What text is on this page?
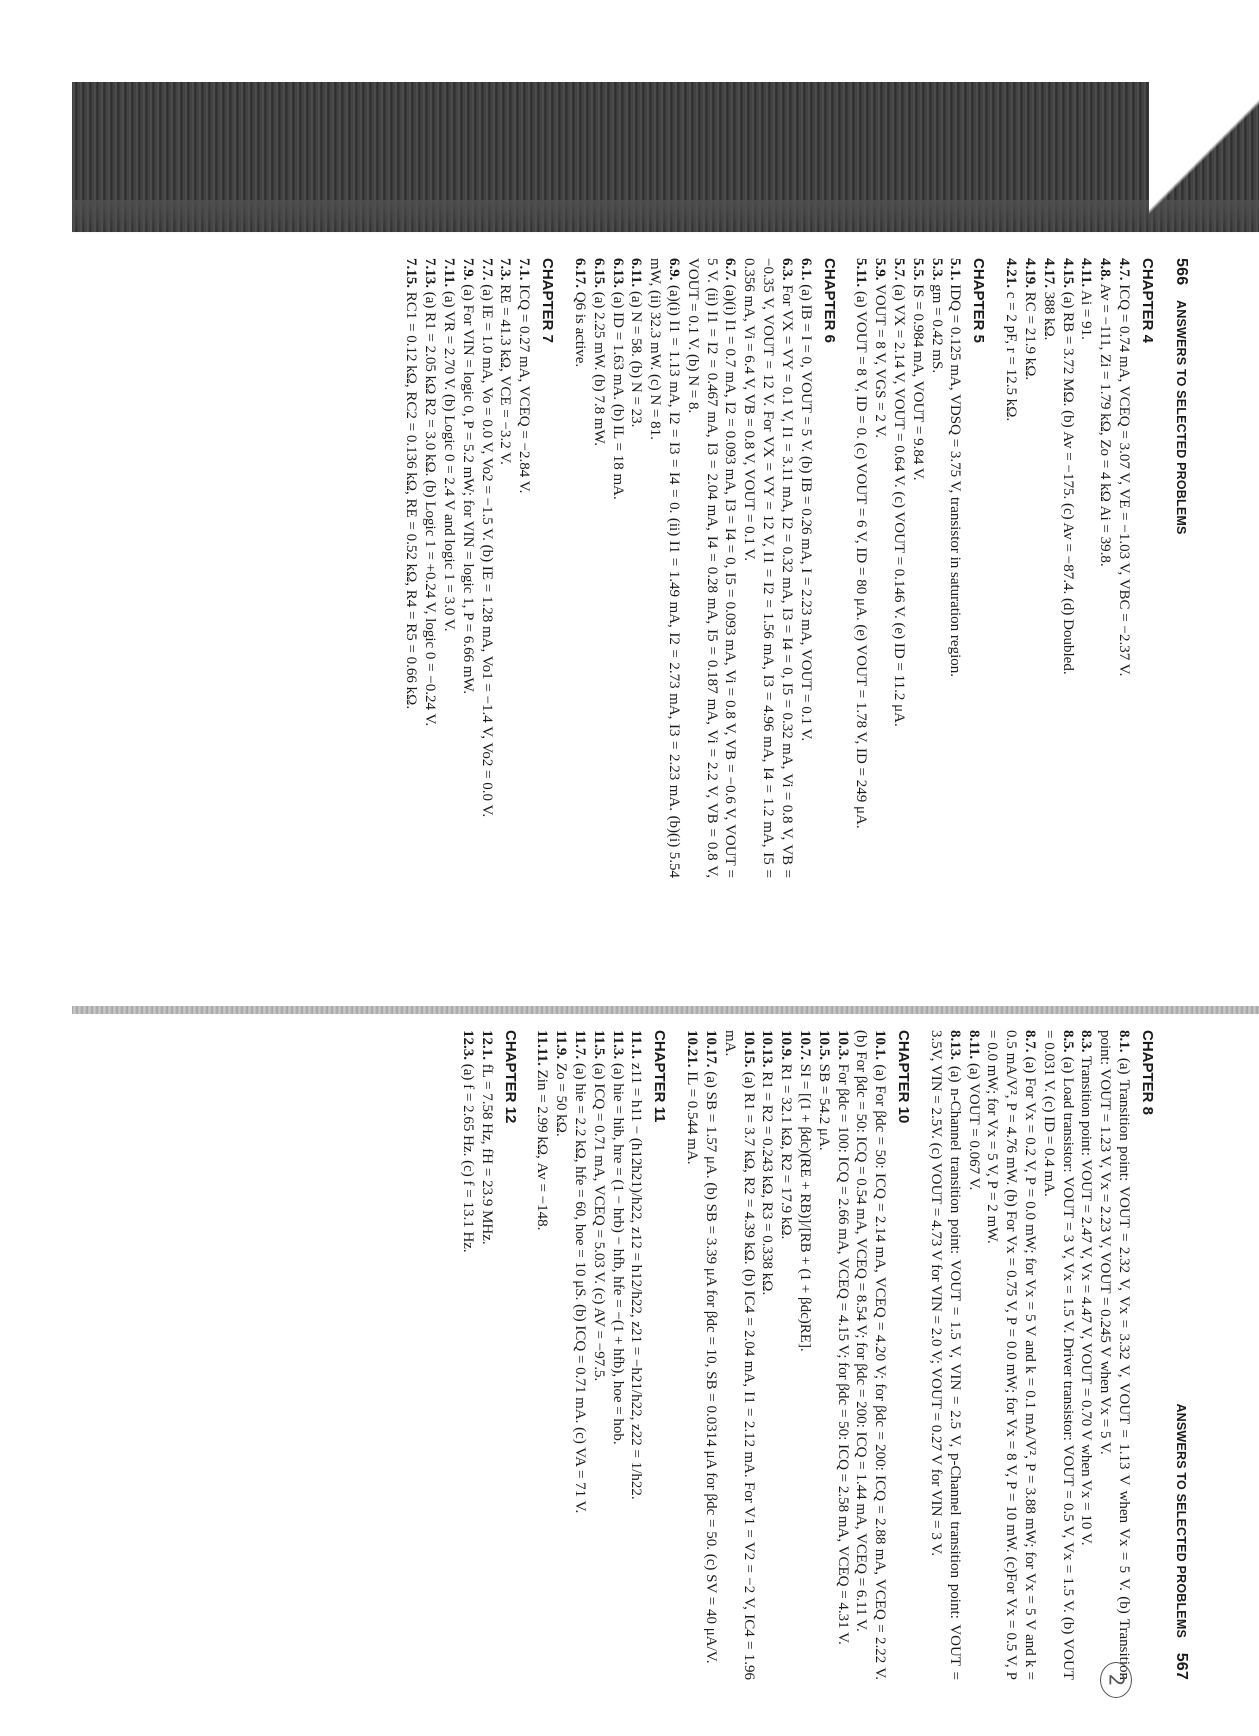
566    ANSWERS TO SELECTED PROBLEMS
CHAPTER 4

4.7. ICQ = 0.74 mA, VCEQ = 3.07 V, VE = −1.03 V, VBC = −2.37 V.

4.8. Av = −111, Zi = 1.79 kΩ, Zo = 4 kΩ Ai = 39.8.

4.11. Ai = 91.

4.15. (a) RB = 3.72 MΩ. (b) Av = −175. (c) Av = −87.4. (d) Doubled.

4.17. 388 kΩ.

4.19. RC = 21.9 kΩ.

4.21. c = 2 pF, r = 12.5 kΩ.

CHAPTER 5

5.1. IDQ = 0.125 mA, VDSQ = 3.75 V, transistor in saturation region.

5.3. gm = 0.42 mS.

5.5. IS = 0.984 mA, VOUT = 9.84 V.

5.7. (a) VX = 2.14 V, VOUT = 0.64 V. (c) VOUT = 0.146 V. (e) ID = 11.2 μA.

5.9. VOUT = 8 V, VGS = 2 V.

5.11. (a) VOUT = 8 V, ID = 0. (c) VOUT = 6 V, ID = 80 μA. (e) VOUT = 1.78 V, ID = 249 μA.

CHAPTER 6

6.1. (a) IB = I = 0, VOUT = 5 V. (b) IB = 0.26 mA, I = 2.23 mA, VOUT = 0.1 V.

6.3. For VX = VY = 0.1 V, I1 = 3.11 mA, I2 = 0.32 mA, I3 = I4 = 0, I5 = 0.32 mA, Vi = 0.8 V, VB = −0.35 V, VOUT = 12 V. For VX = VY = 12 V, I1 = I2 = 1.56 mA, I3 = 4.96 mA, I4 = 1.2 mA, I5 = 0.356 mA, Vi = 6.4 V, VB = 0.8 V, VOUT = 0.1 V.

6.7. (a)(i) I1 = 0.7 mA, I2 = 0.093 mA, I3 = I4 = 0, I5 = 0.093 mA, Vi = 0.8 V, VB = −0.6 V, VOUT = 5 V. (ii) I1 = I2 = 0.467 mA, I3 = 2.04 mA, I4 = 0.28 mA, I5 = 0.187 mA, Vi = 2.2 V, VB = 0.8 V, VOUT = 0.1 V. (b) N = 8.

6.9. (a)(i) I1 = 1.13 mA, I2 = I3 = I4 = 0. (ii) I1 = 1.49 mA, I2 = 2.73 mA, I3 = 2.23 mA. (b)(i) 5.54 mW, (ii) 32.3 mW. (c) N = 81.

6.11. (a) N = 58. (b) N = 23.

6.13. (a) ID = 1.63 mA. (b) IL = 18 mA.

6.15. (a) 2.25 mW. (b) 7.8 mW.

6.17. Q6 is active.

CHAPTER 7

7.1. ICQ = 0.27 mA, VCEQ = −2.84 V.

7.3. RE = 41.3 kΩ, VCE = −3.2 V.

7.7. (a) IE = 1.0 mA, Vo = 0.0 V, Vo2 = −1.5 V. (b) IE = 1.28 mA, Vo1 = −1.4 V, Vo2 = 0.0 V.

7.9. (a) For VIN = logic 0, P = 5.2 mW; for VIN = logic 1, P = 6.66 mW.

7.11. (a) VR = 2.70 V. (b) Logic 0 = 2.4 V and logic 1 = 3.0 V.

7.13. (a) R1 = 2.05 kΩ R2 = 3.0 kΩ. (b) Logic 1 = +0.24 V, logic 0 = −0.24 V.

7.15. RC1 = 0.12 kΩ, RC2 = 0.136 kΩ, RE = 0.52 kΩ, R4 = R5 = 0.66 kΩ.

ANSWERS TO SELECTED PROBLEMS    567
CHAPTER 8

8.1. (a) Transition point: VOUT = 2.32 V, Vx = 3.32 V, VOUT = 1.13 V when Vx = 5 V. (b) Transition point: VOUT = 1.23 V, Vx = 2.23 V, VOUT = 0.245 V when Vx = 5 V.

8.3. Transition point: VOUT = 2.47 V, Vx = 4.47 V, VOUT = 0.70 V when Vx = 10 V.

8.5. (a) Load transistor: VOUT = 3 V, Vx = 1.5 V. Driver transistor: VOUT = 0.5 V, Vx = 1.5 V. (b) VOUT = 0.031 V. (c) ID = 0.4 mA.

8.7. (a) For Vx = 0.2 V, P = 0.0 mW; for Vx = 5 V and k = 0.1 mA/V², P = 3.88 mW; for Vx = 5 V and k = 0.5 mA/V², P = 4.76 mW. (b) For Vx = 0.75 V, P = 0.0 mW; for Vx = 8 V, P = 10 mW. (c)For Vx = 0.5 V, P = 0.0 mW; for Vx = 5 V, P = 2 mW.

8.11. (a) VOUT = 0.067 V.

8.13. (a) n-Channel transition point: VOUT = 1.5 V, VIN = 2.5 V, p-Channel transition point: VOUT = 3.5V, VIN = 2.5V. (c) VOUT = 4.73 V for VIN = 2.0 V; VOUT = 0.27 V for VIN = 3 V.

CHAPTER 10

10.1. (a) For βdc = 50: ICQ = 2.14 mA, VCEQ = 4.20 V; for βdc = 200: ICQ = 2.88 mA, VCEQ = 2.22 V. (b) For βdc = 50: ICQ = 0.54 mA, VCEQ = 8.54 V; for βdc = 200: ICQ = 1.44 mA, VCEQ = 6.11 V.

10.3. For βdc = 100: ICQ = 2.66 mA, VCEQ = 4.15 V; for βdc = 50: ICQ = 2.58 mA, VCEQ = 4.31 V.

10.5. SB = 54.2 μA.

10.7. SI = [(1 + βdc)(RE + RB)]/[RB + (1 + βdc)RE].

10.9. R1 = 32.1 kΩ, R2 = 17.9 kΩ.

10.13. R1 = R2 = 0.243 kΩ, R3 = 0.338 kΩ.

10.15. (a) R1 = 3.7 kΩ, R2 = 4.39 kΩ. (b) IC4 = 2.04 mA, I1 = 2.12 mA. For V1 = V2 = −2 V, IC4 = 1.96 mA.

10.17. (a) SB = 1.57 μA. (b) SB = 3.39 μA for βdc = 10, SB = 0.0314 μA for βdc = 50. (c) SV = 40 μA/V.

10.21. IL = 0.544 mA.

CHAPTER 11

11.1. z11 = h11 − (h12h21)/h22, z12 = h12/h22, z21 = −h21/h22, z22 = 1/h22.

11.3. (a) hie = hib, hre = (1 − hrb) − hfb, hfe = −(1 + hfb), hoe = hob.

11.5. (a) ICQ = 0.71 mA, VCEQ = 5.03 V. (c) AV = −97.5.

11.7. (a) hie = 2.2 kΩ, hfe = 60, hoe = 10 μS. (b) ICQ = 0.71 mA. (c) VA = 71 V.

11.9. Zo = 50 kΩ.

11.11. Zin = 2.99 kΩ, Av = −148.

CHAPTER 12

12.1. fL = 7.58 Hz, fH = 23.9 MHz.

12.3. (a) f = 2.65 Hz. (c) f = 13.1 Hz.

2
